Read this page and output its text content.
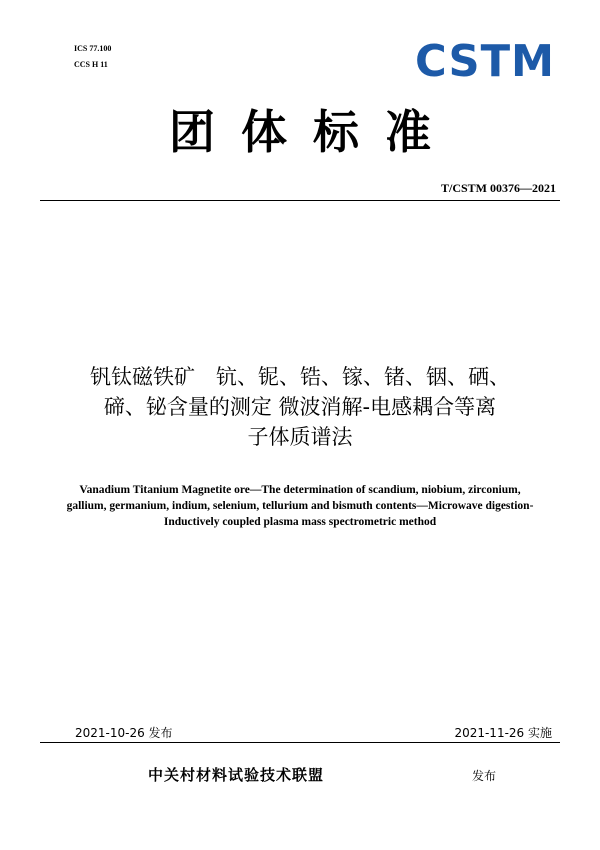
ICS 77.100
CCS H 11	CSTM
团体标准
T/CSTM 00376—2021
钒钛磁铁矿　钪、铌、锆、镓、锗、铟、硒、
碲、铋含量的测定 微波消解-电感耦合等离
子体质谱法
Vanadium Titanium Magnetite ore—The determination of scandium, niobium, zirconium, gallium, germanium, indium, selenium, tellurium and bismuth contents—Microwave digestion- Inductively coupled plasma mass spectrometric method
2021-10-26 发布	2021-11-26 实施
中关村材料试验技术联盟	发布
